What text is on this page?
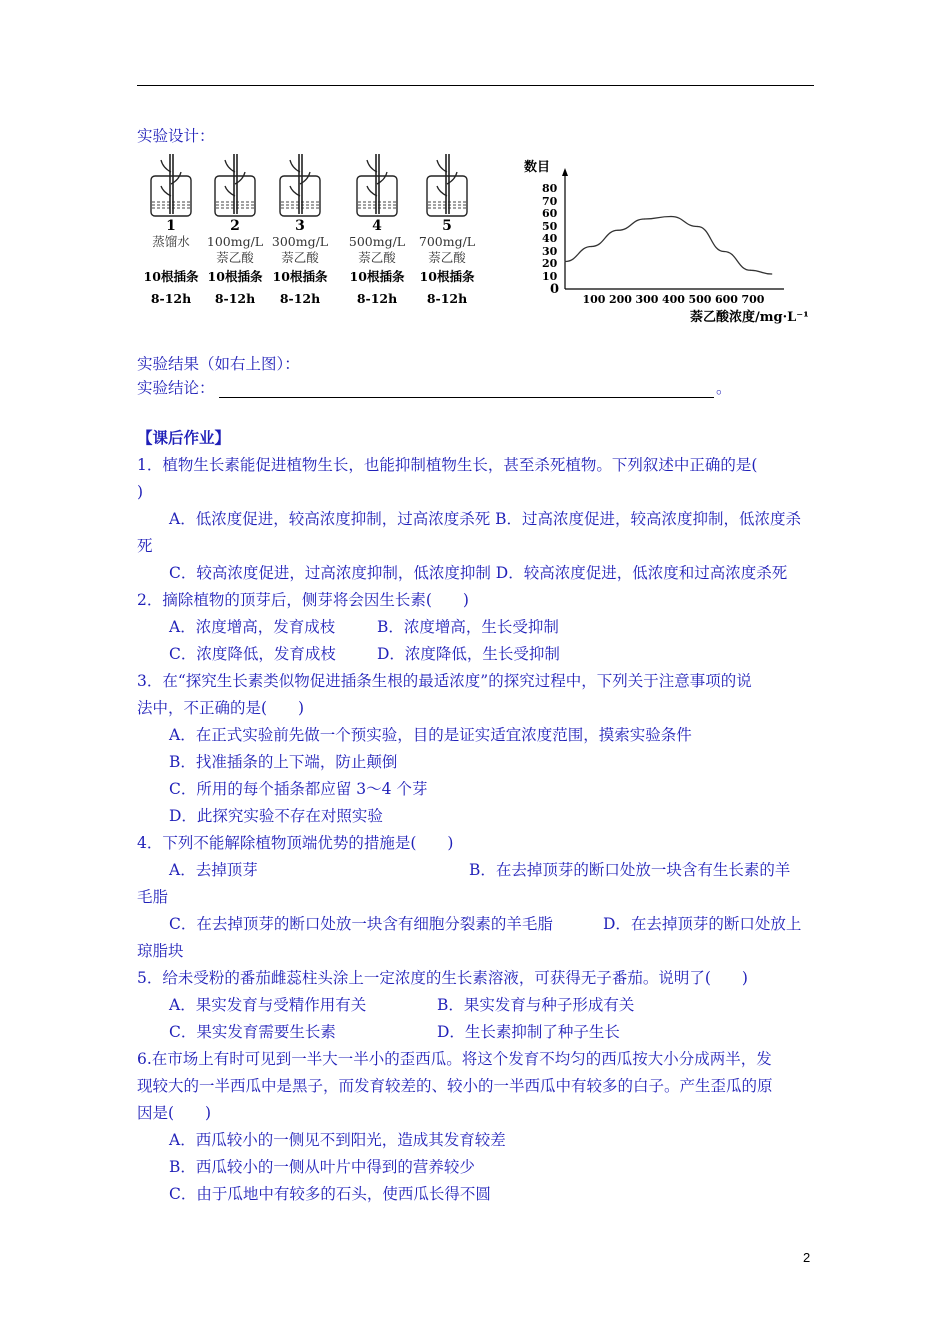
实验设计：
1
蒸馏水
10根插条
8-12h
2
100mg/L
萘乙酸
10根插条
8-12h
3
300mg/L
萘乙酸
10根插条
8-12h
4
500mg/L
萘乙酸
10根插条
8-12h
5
700mg/L
萘乙酸
10根插条
8-12h
数目
萘乙酸浓度/mg·L⁻¹
10
20
30
40
50
60
70
80
100 200 300 400 500 600 700
0
实验结果（如右上图）：
实验结论：	。
【课后作业】
1．植物生长素能促进植物生长，也能抑制植物生长，甚至杀死植物。下列叙述中正确的是(
)
A．低浓度促进，较高浓度抑制，过高浓度杀死 B．过高浓度促进，较高浓度抑制，低浓度杀
死
C．较高浓度促进，过高浓度抑制，低浓度抑制 D．较高浓度促进，低浓度和过高浓度杀死
2．摘除植物的顶芽后，侧芽将会因生长素(　　)
A．浓度增高，发育成枝	B．浓度增高，生长受抑制
C．浓度降低，发育成枝	D．浓度降低，生长受抑制
3．在“探究生长素类似物促进插条生根的最适浓度”的探究过程中，下列关于注意事项的说
法中，不正确的是(　　)
A．在正式实验前先做一个预实验，目的是证实适宜浓度范围，摸索实验条件
B．找准插条的上下端，防止颠倒
C．所用的每个插条都应留 3～4 个芽
D．此探究实验不存在对照实验
4．下列不能解除植物顶端优势的措施是(　　)
A．去掉顶芽	B．在去掉顶芽的断口处放一块含有生长素的羊
毛脂
C．在去掉顶芽的断口处放一块含有细胞分裂素的羊毛脂	D．在去掉顶芽的断口处放上
琼脂块
5．给未受粉的番茄雌蕊柱头涂上一定浓度的生长素溶液，可获得无子番茄。说明了(　　)
A．果实发育与受精作用有关	B．果实发育与种子形成有关
C．果实发育需要生长素	D．生长素抑制了种子生长
6.在市场上有时可见到一半大一半小的歪西瓜。将这个发育不均匀的西瓜按大小分成两半，发
现较大的一半西瓜中是黑子，而发育较差的、较小的一半西瓜中有较多的白子。产生歪瓜的原
因是(　　)
A．西瓜较小的一侧见不到阳光，造成其发育较差
B．西瓜较小的一侧从叶片中得到的营养较少
C．由于瓜地中有较多的石头，使西瓜长得不圆
2
